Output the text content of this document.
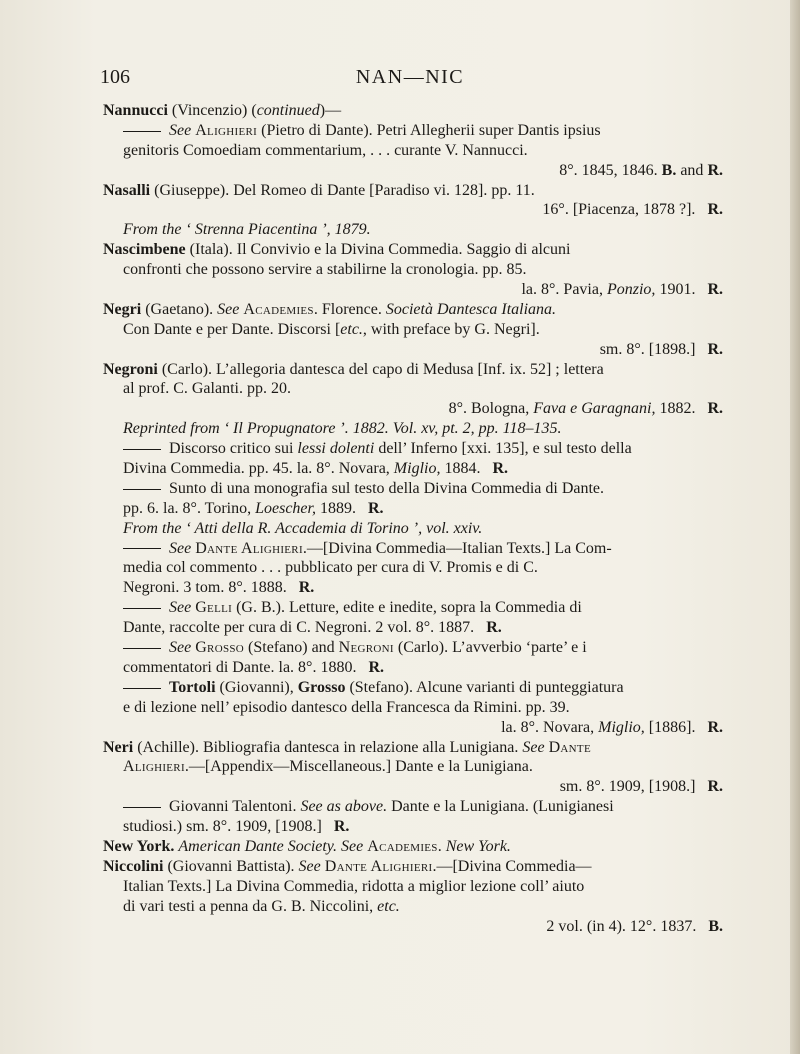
106	NAN—NIC
Nannucci (Vincenzio) (continued)—
See Alighieri (Pietro di Dante). Petri Allegherii super Dantis ipsius
genitoris Comoediam commentarium, . . . curante V. Nannucci.
8°. 1845, 1846. B. and R.
Nasalli (Giuseppe). Del Romeo di Dante [Paradiso vi. 128]. pp. 11.
16°. [Piacenza, 1878 ?]. R.
From the ‘ Strenna Piacentina ’, 1879.
Nascimbene (Itala). Il Convivio e la Divina Commedia. Saggio di alcuni
confronti che possono servire a stabilirne la cronologia. pp. 85.
la. 8°. Pavia, Ponzio, 1901. R.
Negri (Gaetano). See Academies. Florence. Società Dantesca Italiana.
Con Dante e per Dante. Discorsi [etc., with preface by G. Negri].
sm. 8°. [1898.] R.
Negroni (Carlo). L’allegoria dantesca del capo di Medusa [Inf. ix. 52] ; lettera
al prof. C. Galanti. pp. 20.
8°. Bologna, Fava e Garagnani, 1882. R.
Reprinted from ‘ Il Propugnatore ’. 1882. Vol. xv, pt. 2, pp. 118–135.
Discorso critico sui lessi dolenti dell’ Inferno [xxi. 135], e sul testo della
Divina Commedia. pp. 45. la. 8°. Novara, Miglio, 1884. R.
Sunto di una monografia sul testo della Divina Commedia di Dante.
pp. 6. la. 8°. Torino, Loescher, 1889. R.
From the ‘ Atti della R. Accademia di Torino ’, vol. xxiv.
See Dante Alighieri.—[Divina Commedia—Italian Texts.] La Com-
media col commento . . . pubblicato per cura di V. Promis e di C.
Negroni. 3 tom. 8°. 1888. R.
See Gelli (G. B.). Letture, edite e inedite, sopra la Commedia di
Dante, raccolte per cura di C. Negroni. 2 vol. 8°. 1887. R.
See Grosso (Stefano) and Negroni (Carlo). L’avverbio ‘parte’ e i
commentatori di Dante. la. 8°. 1880. R.
Tortoli (Giovanni), Grosso (Stefano). Alcune varianti di punteggiatura
e di lezione nell’ episodio dantesco della Francesca da Rimini. pp. 39.
la. 8°. Novara, Miglio, [1886]. R.
Neri (Achille). Bibliografia dantesca in relazione alla Lunigiana. See Dante
Alighieri.—[Appendix—Miscellaneous.] Dante e la Lunigiana.
sm. 8°. 1909, [1908.] R.
Giovanni Talentoni. See as above. Dante e la Lunigiana. (Lunigianesi
studiosi.) sm. 8°. 1909, [1908.] R.
New York. American Dante Society. See Academies. New York.
Niccolini (Giovanni Battista). See Dante Alighieri.—[Divina Commedia—
Italian Texts.] La Divina Commedia, ridotta a miglior lezione coll’ aiuto
di vari testi a penna da G. B. Niccolini, etc.
2 vol. (in 4). 12°. 1837. B.
